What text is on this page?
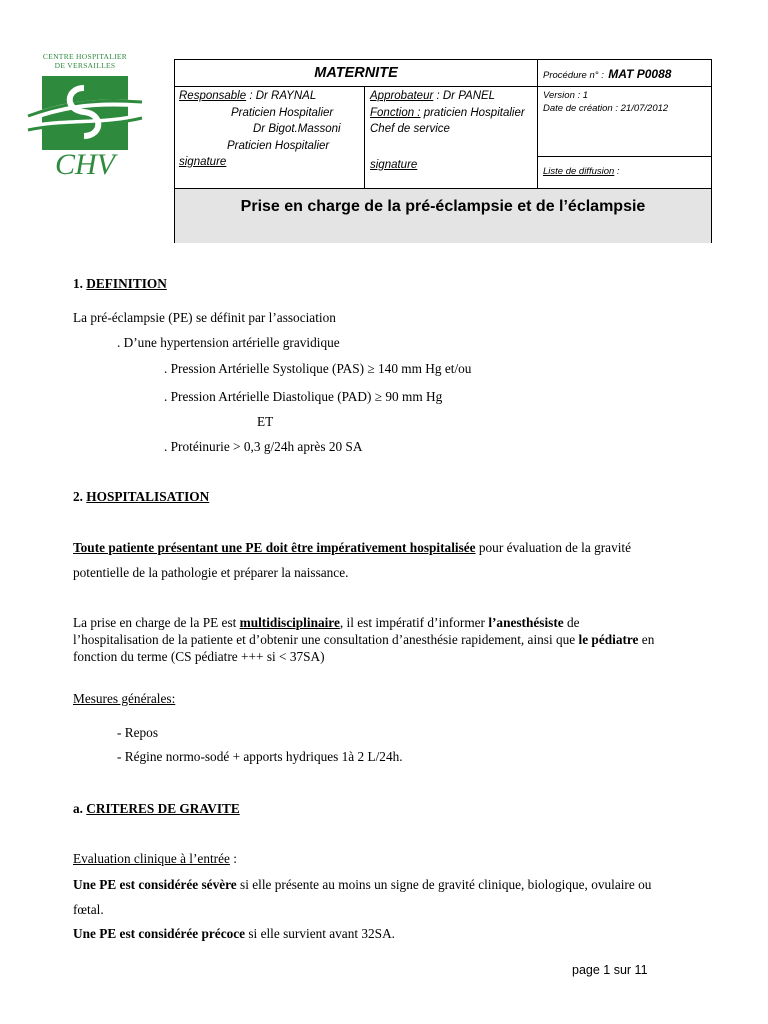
CENTRE HOSPITALIER
DE VERSAILLES
CHV
MATERNITE	Procédure n° : MAT P0088
Responsable : Dr RAYNAL
Praticien Hospitalier
Dr Bigot.Massoni
Praticien Hospitalier
signature
Approbateur : Dr PANEL
Fonction : praticien Hospitalier
Chef de service
signature
Version : 1
Date de création : 21/07/2012
Liste de diffusion :
Prise en charge de la pré-éclampsie et de l’éclampsie
1. DEFINITION
La pré-éclampsie (PE) se définit par l’association
. D’une hypertension artérielle gravidique
. Pression Artérielle Systolique (PAS) ≥ 140 mm Hg et/ou
. Pression Artérielle Diastolique (PAD) ≥ 90 mm Hg
ET
. Protéinurie > 0,3 g/24h après 20 SA
2. HOSPITALISATION
Toute patiente présentant une PE doit être impérativement hospitalisée pour évaluation de la gravité
potentielle de la pathologie et préparer la naissance.
La prise en charge de la PE est multidisciplinaire, il est impératif d’informer l’anesthésiste de
l’hospitalisation de la patiente et d’obtenir une consultation d’anesthésie rapidement, ainsi que le pédiatre en
fonction du terme (CS pédiatre +++ si < 37SA)
Mesures générales:
- Repos
- Régine normo-sodé + apports hydriques 1à 2 L/24h.
a. CRITERES DE GRAVITE
Evaluation clinique à l’entrée :
Une PE est considérée sévère si elle présente au moins un signe de gravité clinique, biologique, ovulaire ou
fœtal.
Une PE est considérée précoce si elle survient avant 32SA.
page 1 sur 11
